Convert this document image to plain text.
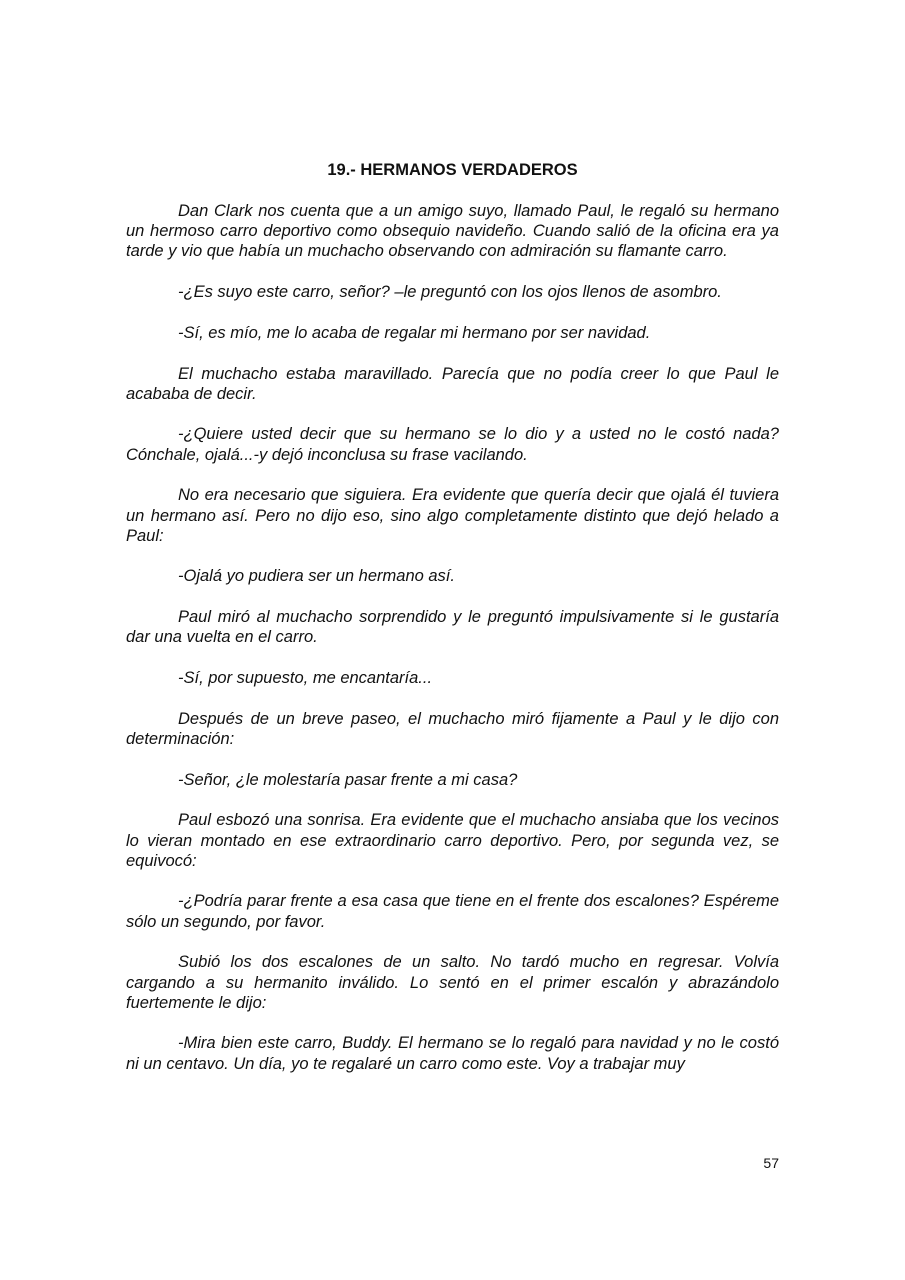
19.- HERMANOS VERDADEROS

Dan Clark nos cuenta que a un amigo suyo, llamado Paul, le regaló su hermano un hermoso carro deportivo como obsequio navideño. Cuando salió de la oficina era ya tarde y vio que había un muchacho observando con admiración su flamante carro.

-¿Es suyo este carro, señor? –le preguntó con los ojos llenos de asombro.

-Sí, es mío, me lo acaba de regalar mi hermano por ser navidad.

El muchacho estaba maravillado. Parecía que no podía creer lo que Paul le acababa de decir.

-¿Quiere usted decir que su hermano se lo dio y a usted no le costó nada? Cónchale, ojalá...-y dejó inconclusa su frase vacilando.

No era necesario que siguiera. Era evidente que quería decir que ojalá él tuviera un hermano así. Pero no dijo eso, sino algo completamente distinto que dejó helado a Paul:

-Ojalá yo pudiera ser un hermano así.

Paul miró al muchacho sorprendido y le preguntó impulsivamente si le gustaría dar una vuelta en el carro.

-Sí, por supuesto, me encantaría...

Después de un breve paseo, el muchacho miró fijamente a Paul y le dijo con determinación:

-Señor, ¿le molestaría pasar frente a mi casa?

Paul esbozó una sonrisa. Era evidente que el muchacho ansiaba que los vecinos lo vieran montado en ese extraordinario carro deportivo. Pero, por segunda vez, se equivocó:

-¿Podría parar frente a esa casa que tiene en el frente dos escalones? Espéreme sólo un segundo, por favor.

Subió los dos escalones de un salto. No tardó mucho en regresar. Volvía cargando a su hermanito inválido. Lo sentó en el primer escalón y abrazándolo fuertemente le dijo:

-Mira bien este carro, Buddy. El hermano se lo regaló para navidad y no le costó ni un centavo. Un día, yo te regalaré un carro como este. Voy a trabajar muy

57
